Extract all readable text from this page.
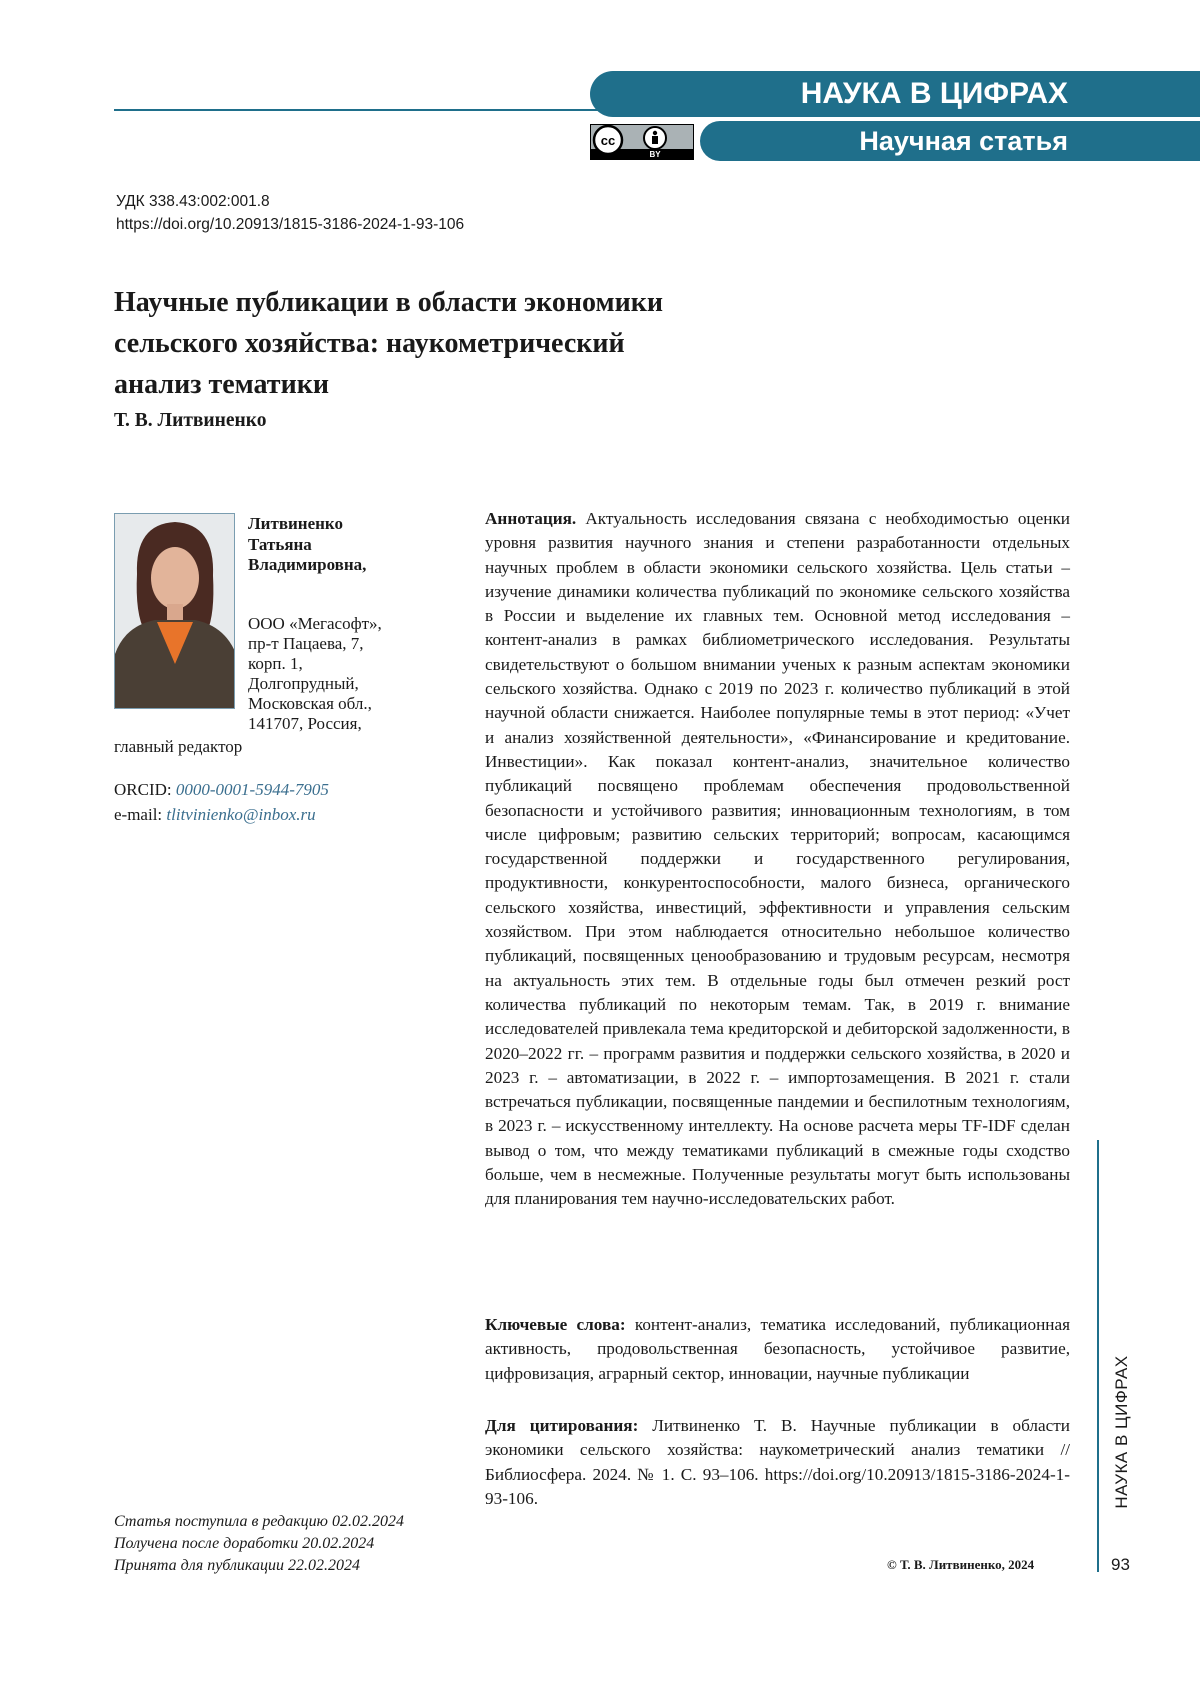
НАУКА В ЦИФРАХ
Научная статья
cc
BY
УДК 338.43:002:001.8
https://doi.org/10.20913/1815-3186-2024-1-93-106
Научные публикации в области экономики
сельского хозяйства: наукометрический
анализ тематики
Т. В. Литвиненко
Литвиненко
Татьяна
Владимировна,
ООО «Мегасофт»,
пр-т Пацаева, 7,
корп. 1,
Долгопрудный,
Московская обл.,
141707, Россия,
главный редактор
ORCID: 0000-0001-5944-7905
e-mail: tlitvinienko@inbox.ru

Аннотация. Актуальность исследования связана с необходимостью оценки уровня развития научного знания и степени разработанности отдельных научных проблем в области экономики сельского хозяйства. Цель статьи – изучение динамики количества публикаций по экономике сельского хозяйства в России и выделение их главных тем. Основной метод исследования – контент-анализ в рамках библиометрического исследования. Результаты свидетельствуют о большом внимании ученых к разным аспектам экономики сельского хозяйства. Однако с 2019 по 2023 г. количество публикаций в этой научной области снижается. Наиболее популярные темы в этот период: «Учет и анализ хозяйственной деятельности», «Финансирование и кредитование. Инвестиции». Как показал контент-анализ, значительное количество публикаций посвящено проблемам обеспечения продовольственной безопасности и устойчивого развития; инновационным технологиям, в том числе цифровым; развитию сельских территорий; вопросам, касающимся государственной поддержки и государственного регулирования, продуктивности, конкурентоспособности, малого бизнеса, органического сельского хозяйства, инвестиций, эффективности и управления сельским хозяйством. При этом наблюдается относительно небольшое количество публикаций, посвященных ценообразованию и трудовым ресурсам, несмотря на актуальность этих тем. В отдельные годы был отмечен резкий рост количества публикаций по некоторым темам. Так, в 2019 г. внимание исследователей привлекала тема кредиторской и дебиторской задолженности, в 2020–2022 гг. – программ развития и поддержки сельского хозяйства, в 2020 и 2023 г. – автоматизации, в 2022 г. – импортозамещения. В 2021 г. стали встречаться публикации, посвященные пандемии и беспилотным технологиям, в 2023 г. – искусственному интеллекту. На основе расчета меры TF-IDF сделан вывод о том, что между тематиками публикаций в смежные годы сходство больше, чем в несмежные. Полученные результаты могут быть использованы для планирования тем научно-исследовательских работ.

Ключевые слова: контент-анализ, тематика исследований, публикационная активность, продовольственная безопасность, устойчивое развитие, цифровизация, аграрный сектор, инновации, научные публикации

Для цитирования: Литвиненко Т. В. Научные публикации в области экономики сельского хозяйства: наукометрический анализ тематики // Библиосфера. 2024. № 1. С. 93–106. https://doi.org/10.20913/1815-3186-2024-1-93-106.

Статья поступила в редакцию 02.02.2024
Получена после доработки 20.02.2024
Принята для публикации 22.02.2024	© Т. В. Литвиненко, 2024
НАУКА В ЦИФРАХ
93
